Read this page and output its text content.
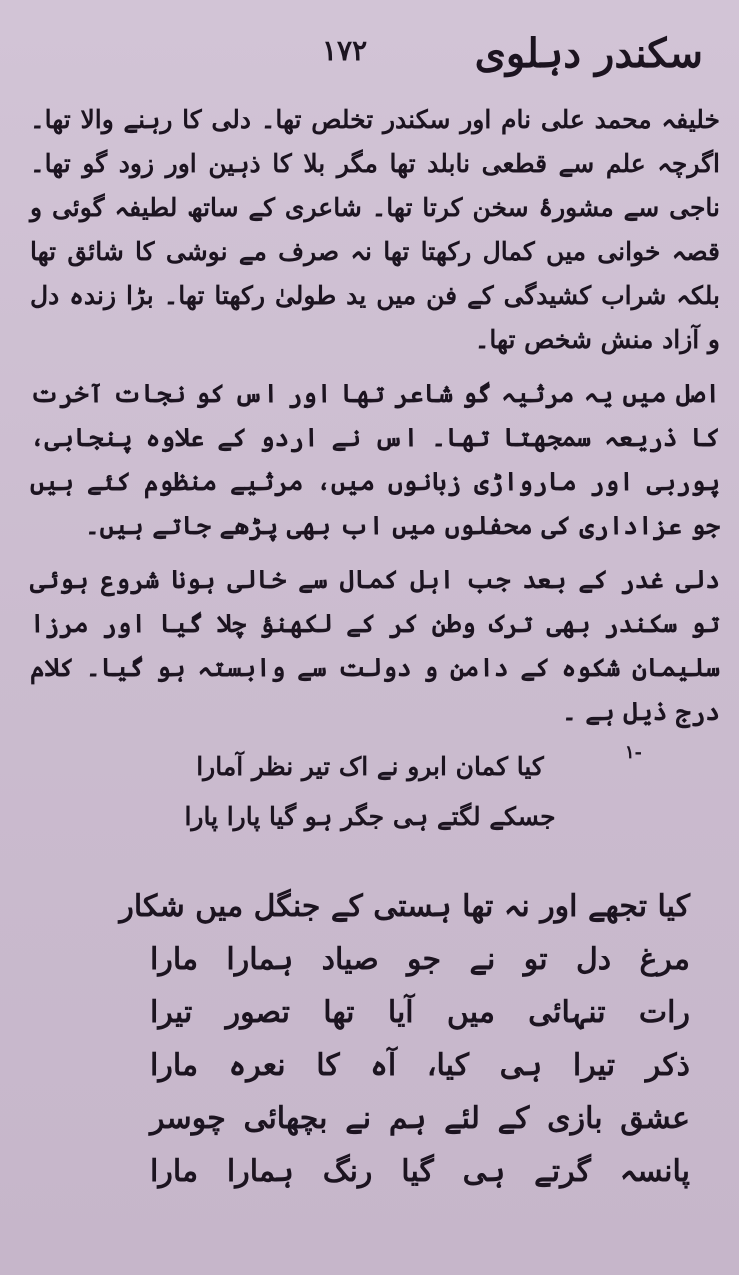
۱۷۲	سکندر دہلوی

خلیفہ محمد علی نام اور سکندر تخلص تھا۔ دلی کا رہنے والا تھا۔ اگرچہ علم سے قطعی نابلد تھا مگر بلا کا ذہین اور زود گو تھا۔ ناجی سے مشورۂ سخن کرتا تھا۔ شاعری کے ساتھ لطیفہ گوئی و قصہ خوانی میں کمال رکھتا تھا نہ صرف مے نوشی کا شائق تھا بلکہ شراب کشیدگی کے فن میں ید طولیٰ رکھتا تھا۔ بڑا زندہ دل و آزاد منش شخص تھا۔

اصل میں یہ مرثیہ گو شاعر تھا اور اس کو نجات آخرت کا ذریعہ سمجھتا تھا۔ اس نے اردو کے علاوہ پنجابی، پوربی اور مارواڑی زبانوں میں، مرثیے منظوم کئے ہیں جو عزاداری کی محفلوں میں اب بھی پڑھے جاتے ہیں۔

دلی غدر کے بعد جب اہل کمال سے خالی ہونا شروع ہوئی تو سکندر بھی ترک وطن کر کے لکھنؤ چلا گیا اور مرزا سلیمان شکوہ کے دامن و دولت سے وابستہ ہو گیا۔ کلام درج ذیل ہے ۔

-۱
کیا کمان ابرو نے اک تیر نظر آمارا
جسکے لگتے ہی جگر ہو گیا پارا پارا
کیا تجھے اور نہ تھا ہستی کے جنگل میں شکار
مرغ دل تو نے جو صیاد ہمارا مارا
رات تنہائی میں آیا تھا تصور تیرا
ذکر تیرا ہی کیا، آہ کا نعرہ مارا
عشق بازی کے لئے ہم نے بچھائی چوسر
پانسہ گرتے ہی گیا رنگ ہمارا مارا
